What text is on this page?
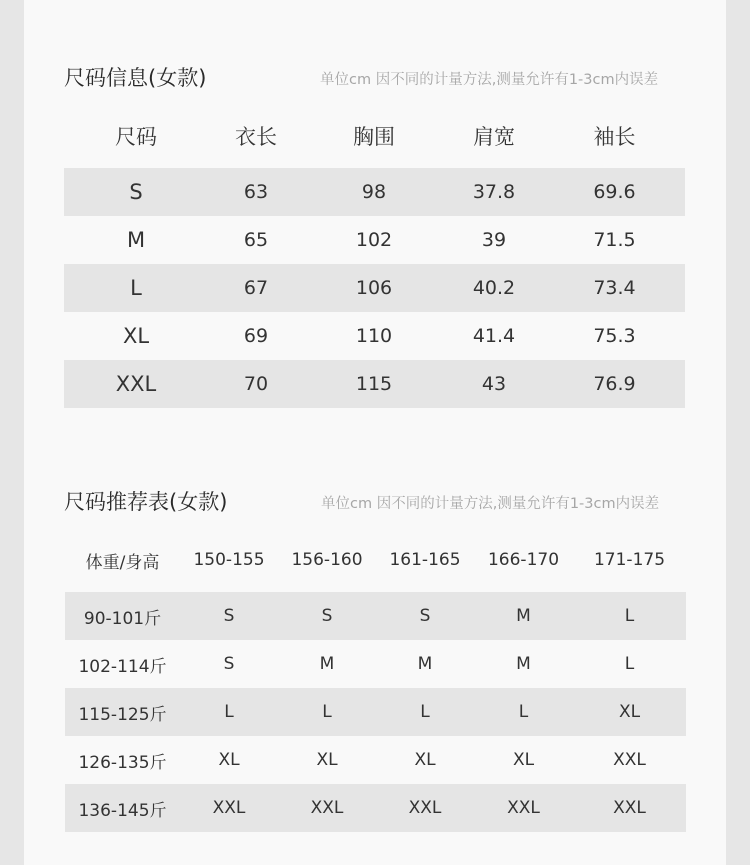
尺码信息(女款)	单位cm 因不同的计量方法,测量允许有1-3cm内误差
尺码	衣长	胸围	肩宽	袖长
S	63	98	37.8	69.6
M	65	102	39	71.5
L	67	106	40.2	73.4
XL	69	110	41.4	75.3
XXL	70	115	43	76.9
尺码推荐表(女款)	单位cm 因不同的计量方法,测量允许有1-3cm内误差
体重/身高	150-155	156-160	161-165	166-170	171-175
90-101斤	S	S	S	M	L
102-114斤	S	M	M	M	L
115-125斤	L	L	L	L	XL
126-135斤	XL	XL	XL	XL	XXL
136-145斤	XXL	XXL	XXL	XXL	XXL
